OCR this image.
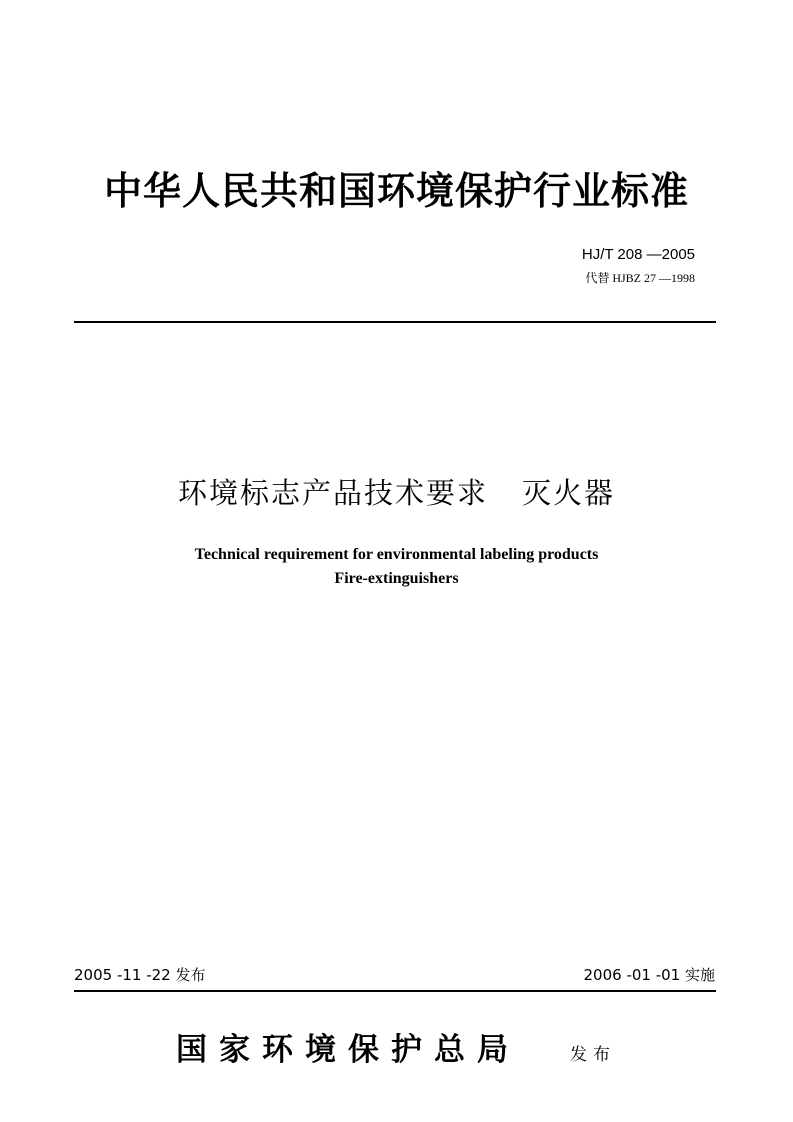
中华人民共和国环境保护行业标准
HJ/T 208 —2005
代替 HJBZ 27 —1998
环境标志产品技术要求 灭火器
Technical requirement for environmental labeling products
Fire-extinguishers
2005 -11 -22 发布	2006 -01 -01 实施
国家环境保护总局	发布
